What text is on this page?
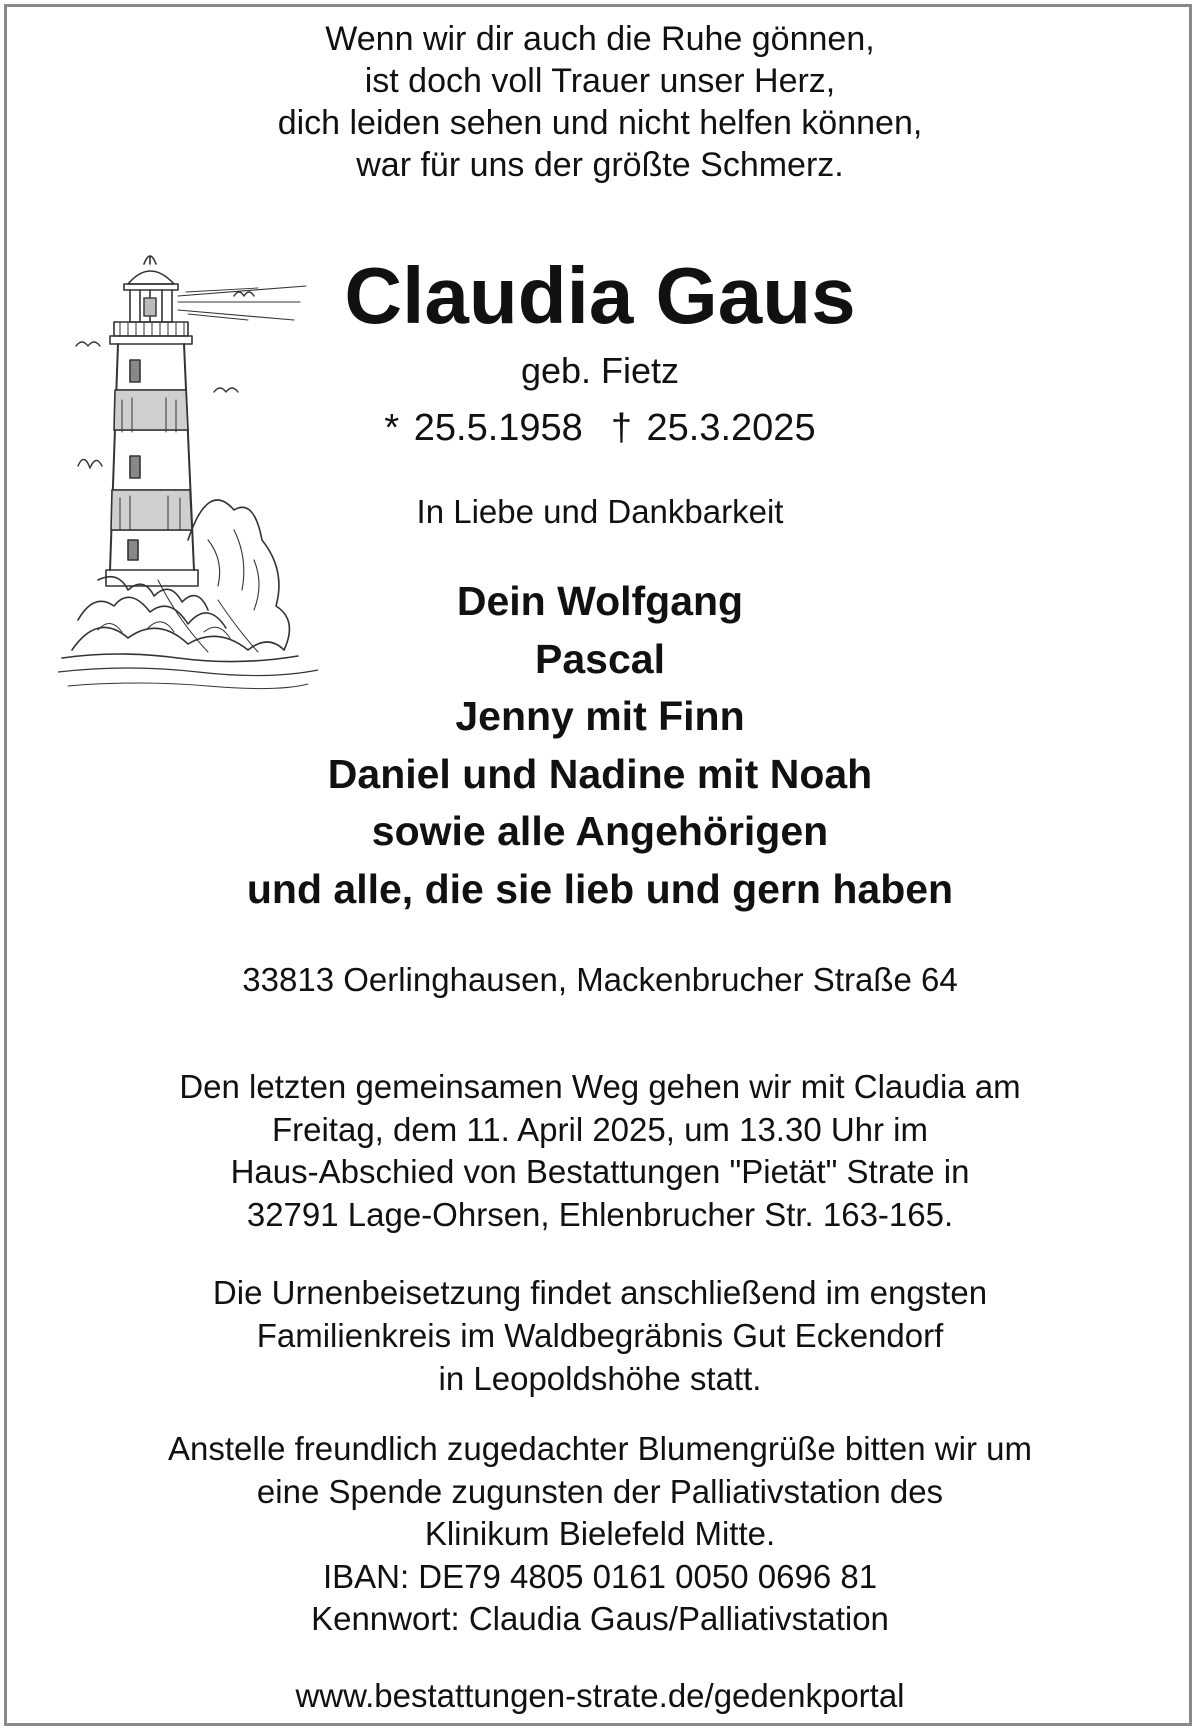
Wenn wir dir auch die Ruhe gönnen,
ist doch voll Trauer unser Herz,
dich leiden sehen und nicht helfen können,
war für uns der größte Schmerz.
Claudia Gaus
geb. Fietz
* 25.5.1958 † 25.3.2025
In Liebe und Dankbarkeit
Dein Wolfgang
Pascal
Jenny mit Finn
Daniel und Nadine mit Noah
sowie alle Angehörigen
und alle, die sie lieb und gern haben
33813 Oerlinghausen, Mackenbrucher Straße 64
Den letzten gemeinsamen Weg gehen wir mit Claudia am
Freitag, dem 11. April 2025, um 13.30 Uhr im
Haus-Abschied von Bestattungen "Pietät" Strate in
32791 Lage-Ohrsen, Ehlenbrucher Str. 163-165.
Die Urnenbeisetzung findet anschließend im engsten
Familienkreis im Waldbegräbnis Gut Eckendorf
in Leopoldshöhe statt.
Anstelle freundlich zugedachter Blumengrüße bitten wir um
eine Spende zugunsten der Palliativstation des
Klinikum Bielefeld Mitte.
IBAN: DE79 4805 0161 0050 0696 81
Kennwort: Claudia Gaus/Palliativstation
www.bestattungen-strate.de/gedenkportal
